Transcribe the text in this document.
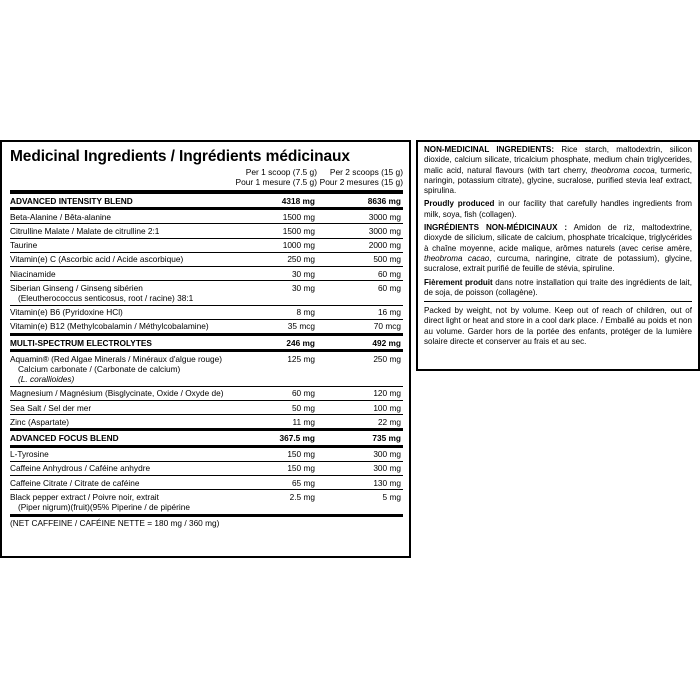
Medicinal Ingredients / Ingrédients médicinaux
Per 1 scoop (7.5 g)	Per 2 scoops (15 g)
Pour 1 mesure (7.5 g) Pour 2 mesures (15 g)
ADVANCED INTENSITY BLEND	4318 mg	8636 mg
Beta-Alanine / Bêta-alanine	1500 mg	3000 mg
Citrulline Malate / Malate de citrulline 2:1	1500 mg	3000 mg
Taurine	1000 mg	2000 mg
Vitamin(e) C (Ascorbic acid / Acide ascorbique)	250 mg	500 mg
Niacinamide	30 mg	60 mg
Siberian Ginseng / Ginseng sibérien
(Eleutherococcus senticosus, root / racine) 38:1
30 mg	60 mg
Vitamin(e) B6 (Pyridoxine HCl)	8 mg	16 mg
Vitamin(e) B12 (Methylcobalamin / Méthylcobalamine)	35 mcg	70 mcg
MULTI-SPECTRUM ELECTROLYTES	246 mg	492 mg
Aquamin® (Red Algae Minerals / Minéraux d'algue rouge)
Calcium carbonate / (Carbonate de calcium)
(L. corallioides)
125 mg	250 mg
Magnesium / Magnésium (Bisglycinate, Oxide / Oxyde de)	60 mg	120 mg
Sea Salt / Sel der mer	50 mg	100 mg
Zinc (Aspartate)	11 mg	22 mg
ADVANCED FOCUS BLEND	367.5 mg	735 mg
L-Tyrosine	150 mg	300 mg
Caffeine Anhydrous / Caféine anhydre	150 mg	300 mg
Caffeine Citrate / Citrate de caféine	65 mg	130 mg
Black pepper extract / Poivre noir, extrait
(Piper nigrum)(fruit)(95% Piperine / de pipérine
2.5 mg	5 mg
(NET CAFFEINE / CAFÉINE NETTE = 180 mg / 360 mg)

NON-MEDICINAL INGREDIENTS: Rice starch, maltodextrin, silicon dioxide, calcium silicate, tricalcium phosphate, medium chain triglycerides, malic acid, natural flavours (with tart cherry, theobroma cocoa, turmeric, naringin, potassium citrate), glycine, sucralose, purified stevia leaf extract, spirulina.

Proudly produced in our facility that carefully handles ingredients from milk, soya, fish (collagen).

INGRÉDIENTS NON-MÉDICINAUX : Amidon de riz, maltodextrine, dioxyde de silicium, silicate de calcium, phosphate tricalcique, triglycérides à chaîne moyenne, acide malique, arômes naturels (avec cerise amère, theobroma cacao, curcuma, naringine, citrate de potassium), glycine, sucralose, extrait purifié de feuille de stévia, spiruline.

Fièrement produit dans notre installation qui traite des ingrédients de lait, de soja, de poisson (collagène).

Packed by weight, not by volume. Keep out of reach of children, out of direct light or heat and store in a cool dark place. / Emballé au poids et non au volume. Garder hors de la portée des enfants, protéger de la lumière solaire directe et conserver au frais et au sec.
